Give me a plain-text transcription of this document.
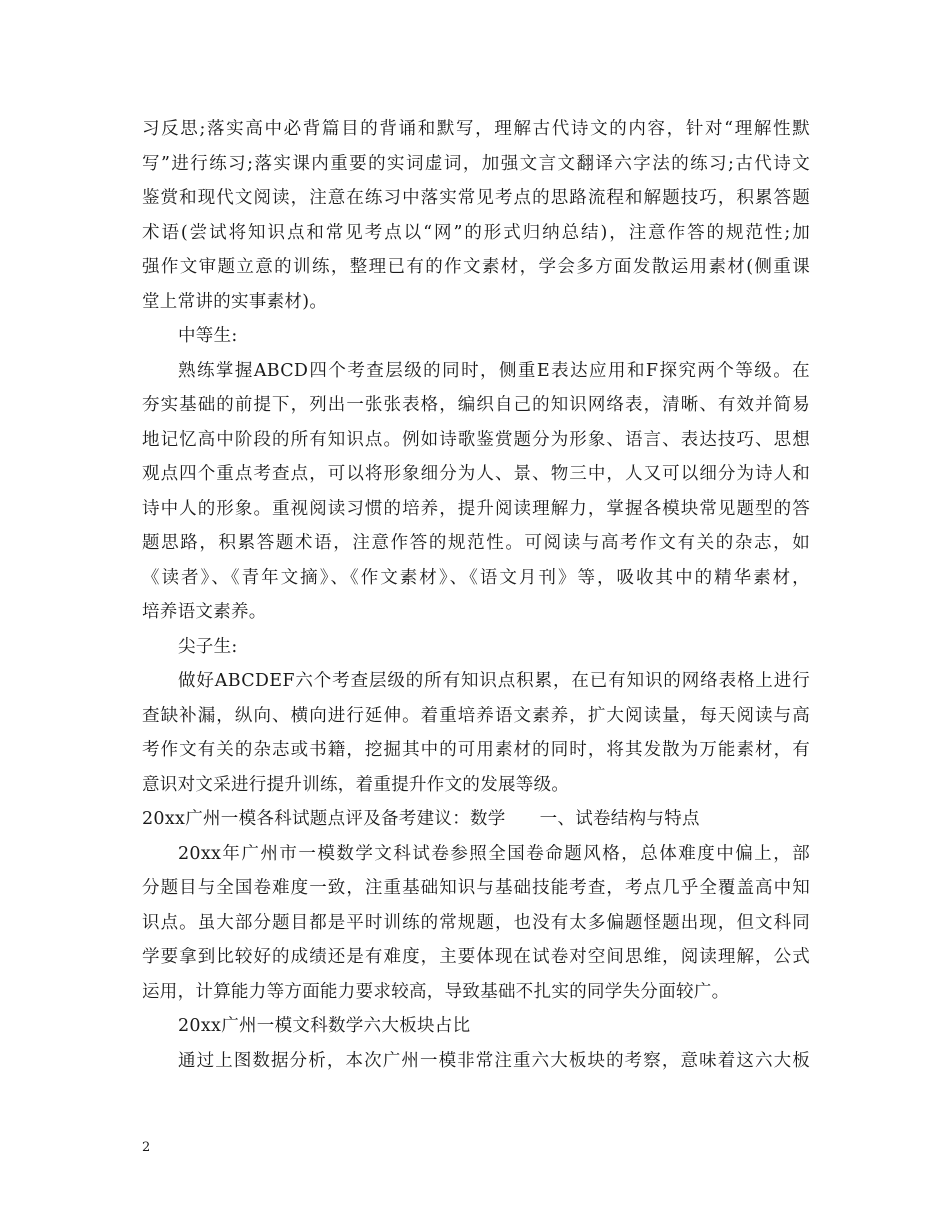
习反思;落实高中必背篇目的背诵和默写，理解古代诗文的内容，针对“理解性默

写”进行练习;落实课内重要的实词虚词，加强文言文翻译六字法的练习;古代诗文

鉴赏和现代文阅读，注意在练习中落实常见考点的思路流程和解题技巧，积累答题

术语(尝试将知识点和常见考点以“网”的形式归纳总结)，注意作答的规范性;加

强作文审题立意的训练，整理已有的作文素材，学会多方面发散运用素材(侧重课

堂上常讲的实事素材)。

中等生:

熟练掌握ABCD四个考查层级的同时，侧重E表达应用和F探究两个等级。在

夯实基础的前提下，列出一张张表格，编织自己的知识网络表，清晰、有效并简易

地记忆高中阶段的所有知识点。例如诗歌鉴赏题分为形象、语言、表达技巧、思想

观点四个重点考查点，可以将形象细分为人、景、物三中，人又可以细分为诗人和

诗中人的形象。重视阅读习惯的培养，提升阅读理解力，掌握各模块常见题型的答

题思路，积累答题术语，注意作答的规范性。可阅读与高考作文有关的杂志，如

《读者》、《青年文摘》、《作文素材》、《语文月刊》等，吸收其中的精华素材，

培养语文素养。

尖子生:

做好ABCDEF六个考查层级的所有知识点积累，在已有知识的网络表格上进行

查缺补漏，纵向、横向进行延伸。着重培养语文素养，扩大阅读量，每天阅读与高

考作文有关的杂志或书籍，挖掘其中的可用素材的同时，将其发散为万能素材，有

意识对文采进行提升训练，着重提升作文的发展等级。

20xx广州一模各科试题点评及备考建议：数学 一、试卷结构与特点

20xx年广州市一模数学文科试卷参照全国卷命题风格，总体难度中偏上，部

分题目与全国卷难度一致，注重基础知识与基础技能考查，考点几乎全覆盖高中知

识点。虽大部分题目都是平时训练的常规题，也没有太多偏题怪题出现，但文科同

学要拿到比较好的成绩还是有难度，主要体现在试卷对空间思维，阅读理解，公式

运用，计算能力等方面能力要求较高，导致基础不扎实的同学失分面较广。

20xx广州一模文科数学六大板块占比

通过上图数据分析，本次广州一模非常注重六大板块的考察，意味着这六大板

2
